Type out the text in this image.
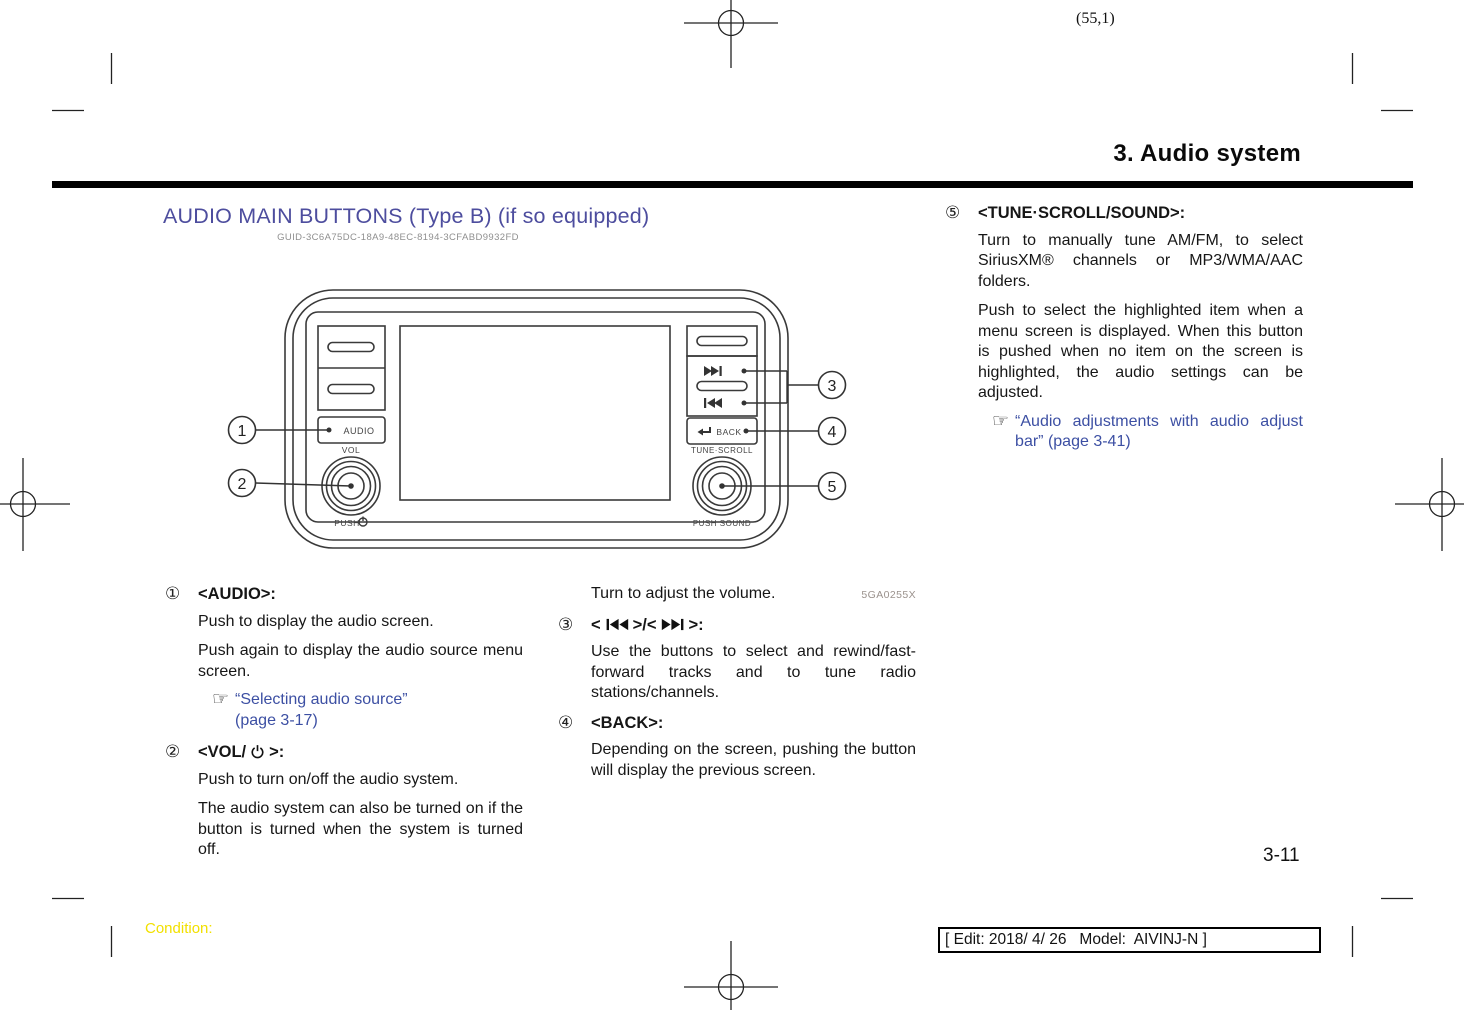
(55,1)
3. Audio system
AUDIO MAIN BUTTONS (Type B) (if so equipped)
GUID-3C6A75DC-18A9-48EC-8194-3CFABD9932FD
AUDIO
VOL
PUSH
BACK
TUNE·SCROLL
PUSH SOUND
1
2
3
4
5
① <AUDIO>:

Push to display the audio screen.

Push again to display the audio source menu screen.

☞ “Selecting audio source”
(page 3-17)
② <VOL/ >:

Push to turn on/off the audio system.

The audio system can also be turned on if the button is turned when the system is turned off.

Turn to adjust the volume.	5GA0255X
③ < >/< >:

Use the buttons to select and rewind/fast-forward tracks and to tune radio stations/channels.

④ <BACK>:

Depending on the screen, pushing the button will display the previous screen.

⑤ <TUNE·SCROLL/SOUND>:

Turn to manually tune AM/FM, to select SiriusXM® channels or MP3/WMA/AAC folders.

Push to select the highlighted item when a menu screen is displayed. When this button is pushed when no item on the screen is highlighted, the audio settings can be adjusted.

☞ “Audio adjustments with audio adjust bar” (page 3-41)
3-11
Condition:
[ Edit: 2018/ 4/ 26   Model:  AIVINJ-N ]
